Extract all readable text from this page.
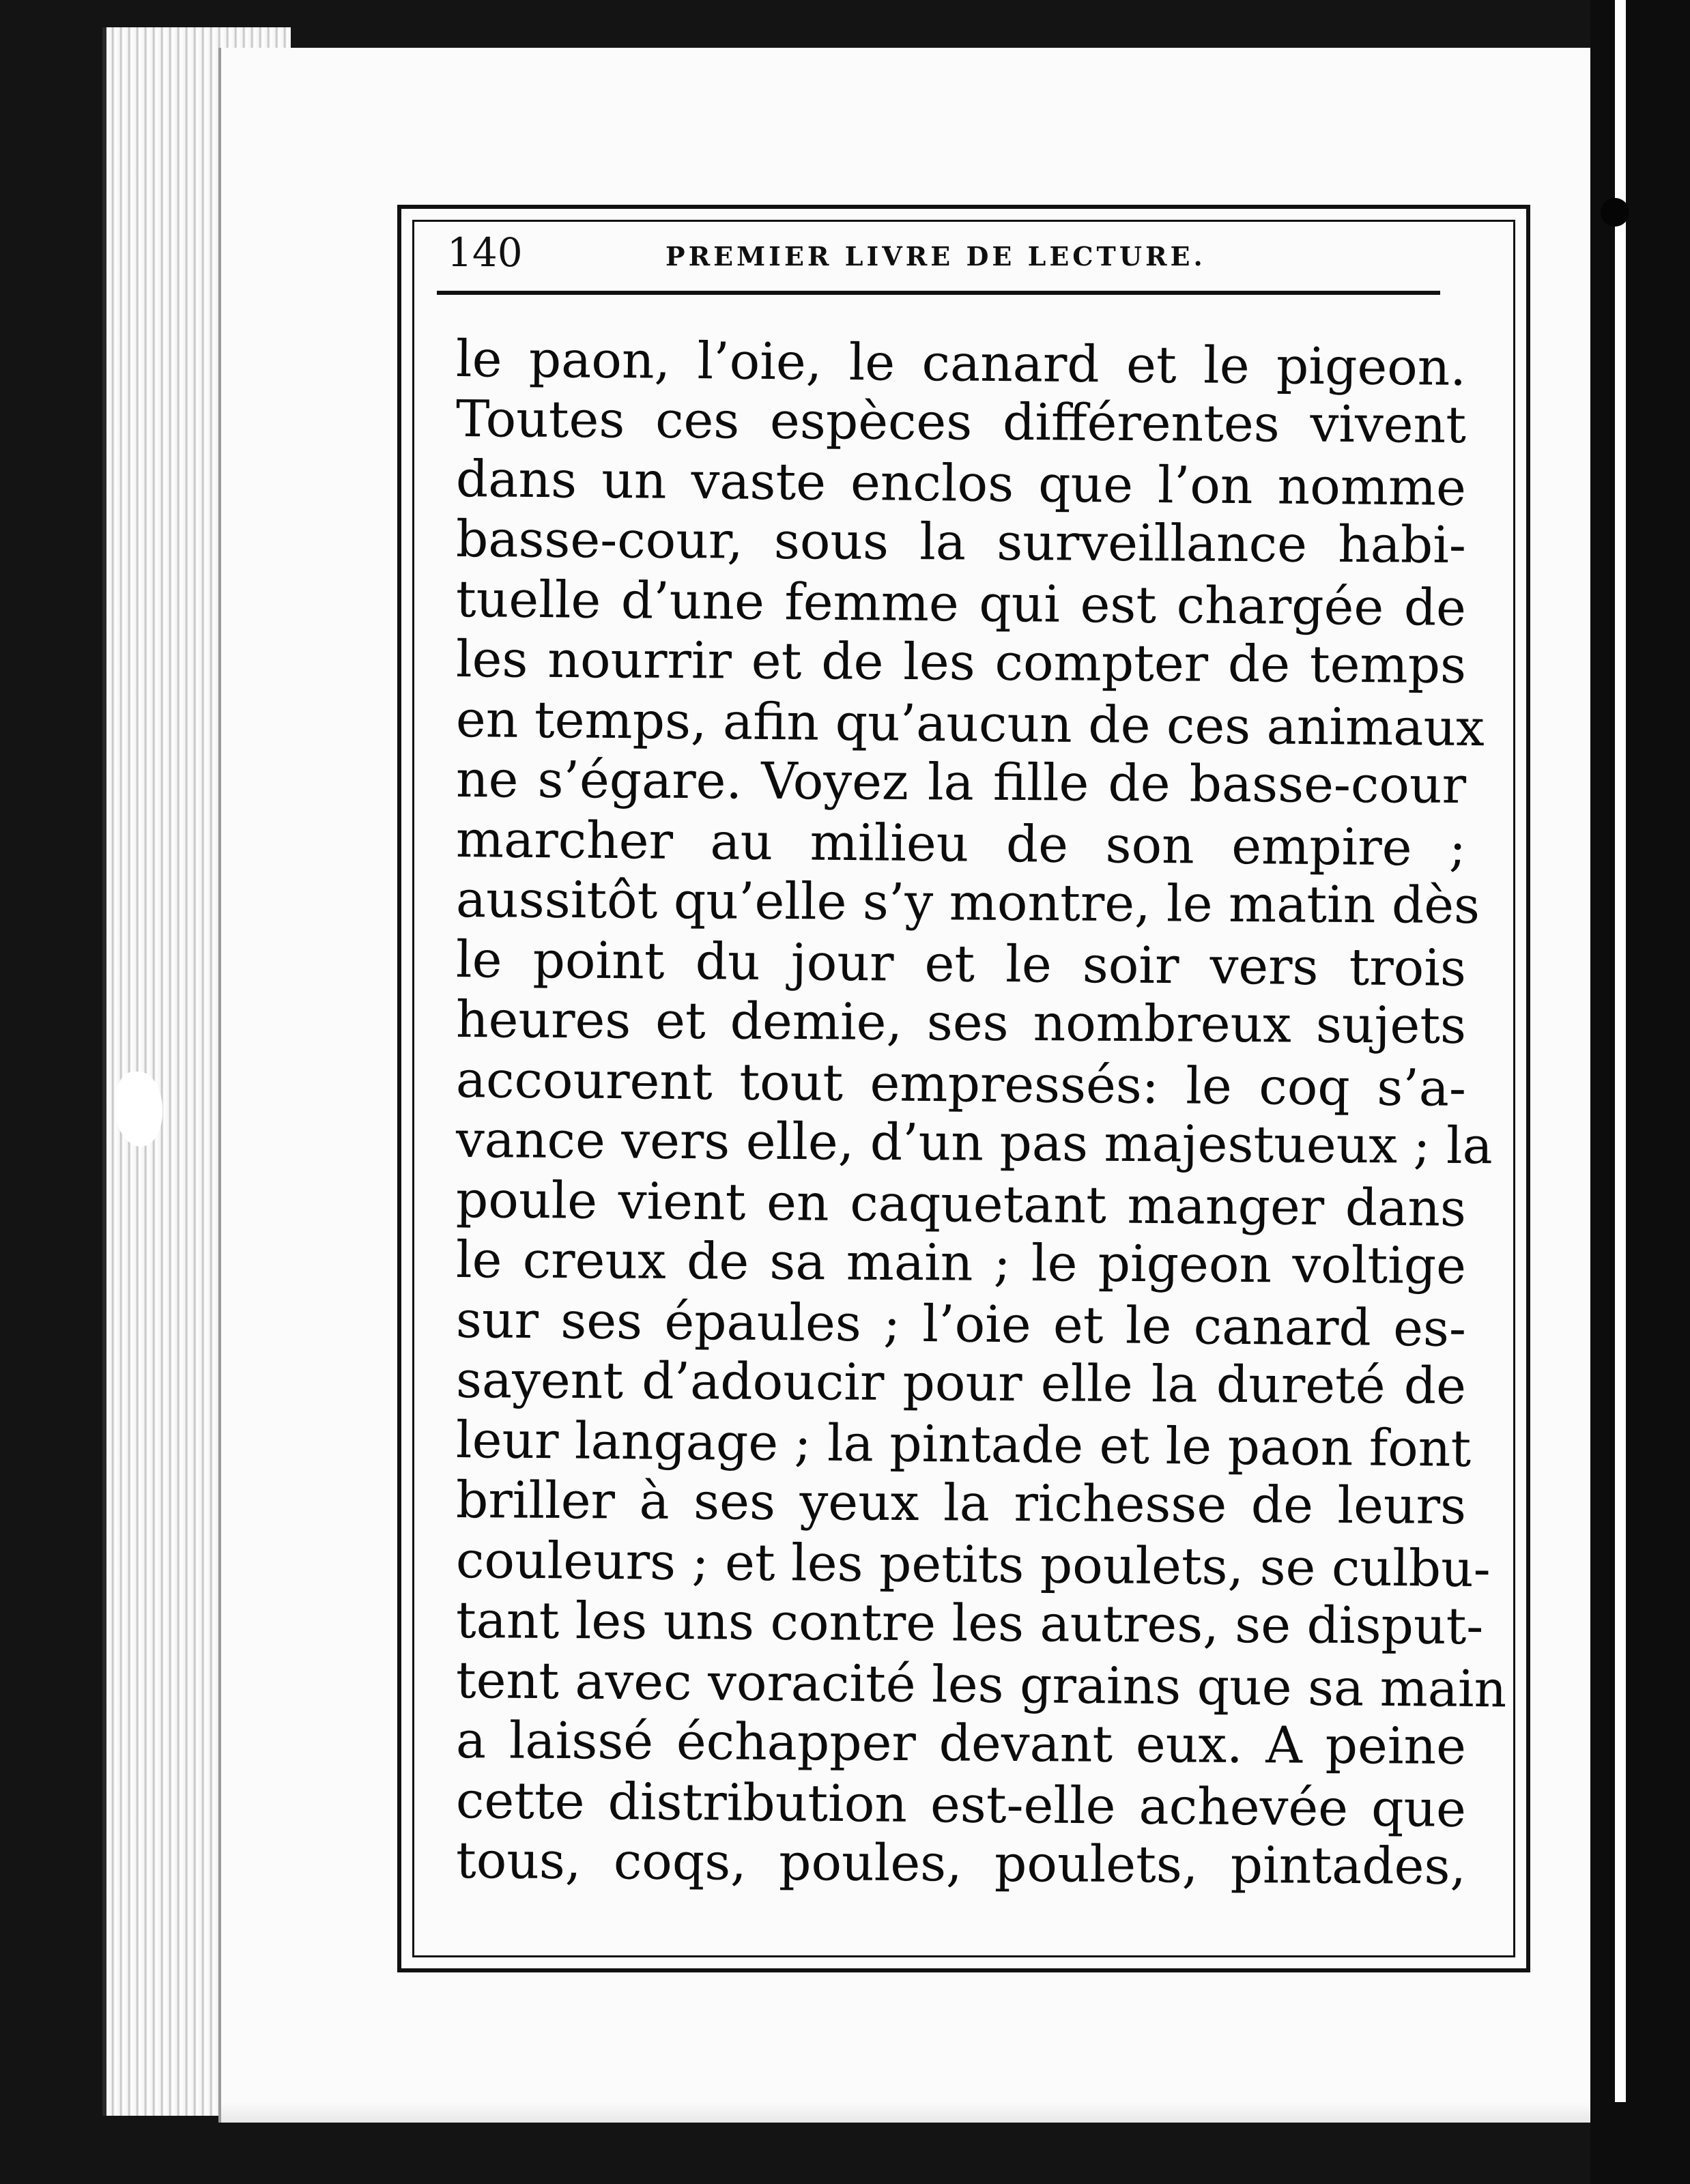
140	PREMIER LIVRE DE LECTURE.
le paon, l’oie, le canard et le pigeon.
Toutes ces espèces différentes vivent
dans un vaste enclos que l’on nomme
basse-cour, sous la surveillance habi-
tuelle d’une femme qui est chargée de
les nourrir et de les compter de temps
en temps, afin qu’aucun de ces animaux
ne s’égare. Voyez la fille de basse-cour
marcher au milieu de son empire ;
aussitôt qu’elle s’y montre, le matin dès
le point du jour et le soir vers trois
heures et demie, ses nombreux sujets
accourent tout empressés: le coq s’a-
vance vers elle, d’un pas majestueux ; la
poule vient en caquetant manger dans
le creux de sa main ; le pigeon voltige
sur ses épaules ; l’oie et le canard es-
sayent d’adoucir pour elle la dureté de
leur langage ; la pintade et le paon font
briller à ses yeux la richesse de leurs
couleurs ; et les petits poulets, se culbu-
tant les uns contre les autres, se disput-
tent avec voracité les grains que sa main
a laissé échapper devant eux. A peine
cette distribution est-elle achevée que
tous, coqs, poules, poulets, pintades,
